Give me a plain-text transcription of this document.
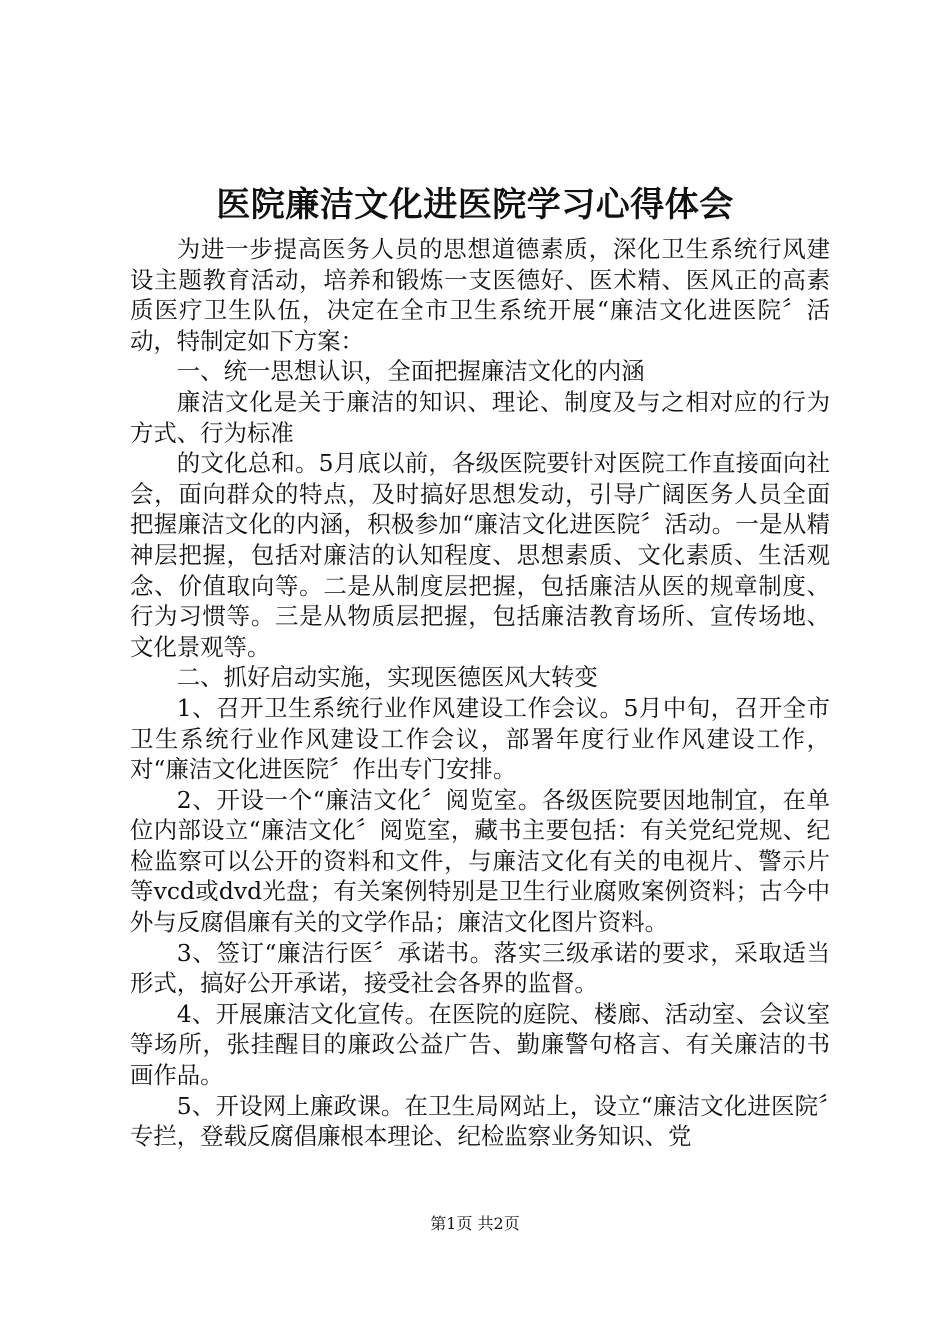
医院廉洁文化进医院学习心得体会

为进一步提高医务人员的思想道德素质，深化卫生系统行风建设主题教育活动，培养和锻炼一支医德好、医术精、医风正的高素质医疗卫生队伍，决定在全市卫生系统开展“廉洁文化进医院〞活动，特制定如下方案：

一、统一思想认识，全面把握廉洁文化的内涵

廉洁文化是关于廉洁的知识、理论、制度及与之相对应的行为方式、行为标准

的文化总和。5月底以前，各级医院要针对医院工作直接面向社会，面向群众的特点，及时搞好思想发动，引导广阔医务人员全面把握廉洁文化的内涵，积极参加“廉洁文化进医院〞活动。一是从精神层把握，包括对廉洁的认知程度、思想素质、文化素质、生活观念、价值取向等。二是从制度层把握，包括廉洁从医的规章制度、行为习惯等。三是从物质层把握，包括廉洁教育场所、宣传场地、文化景观等。

二、抓好启动实施，实现医德医风大转变

1、召开卫生系统行业作风建设工作会议。5月中旬，召开全市卫生系统行业作风建设工作会议，部署年度行业作风建设工作，对“廉洁文化进医院〞作出专门安排。

2、开设一个“廉洁文化〞阅览室。各级医院要因地制宜，在单位内部设立“廉洁文化〞阅览室，藏书主要包括：有关党纪党规、纪检监察可以公开的资料和文件，与廉洁文化有关的电视片、警示片等vcd或dvd光盘；有关案例特别是卫生行业腐败案例资料；古今中外与反腐倡廉有关的文学作品；廉洁文化图片资料。

3、签订“廉洁行医〞承诺书。落实三级承诺的要求，采取适当形式，搞好公开承诺，接受社会各界的监督。

4、开展廉洁文化宣传。在医院的庭院、楼廊、活动室、会议室等场所，张挂醒目的廉政公益广告、勤廉警句格言、有关廉洁的书画作品。

5、开设网上廉政课。在卫生局网站上，设立“廉洁文化进医院〞专拦，登载反腐倡廉根本理论、纪检监察业务知识、党

第1页 共2页
